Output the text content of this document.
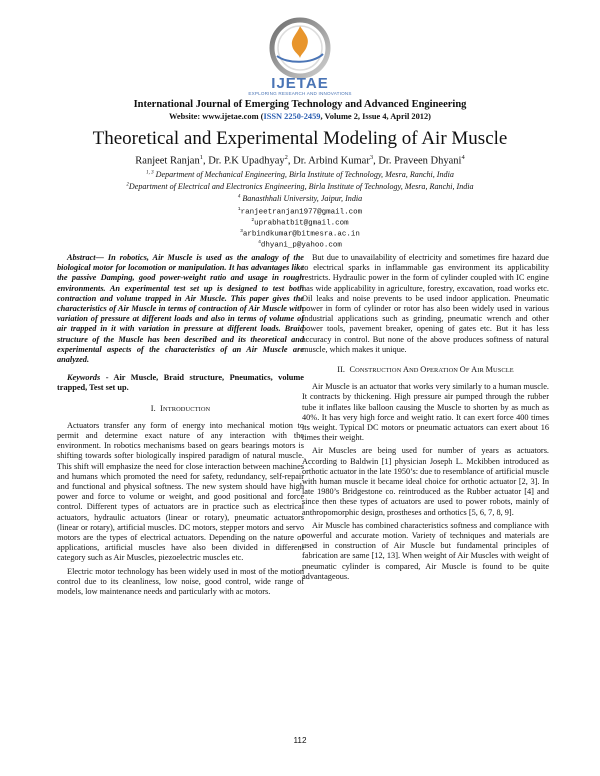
IJETAE
EXPLORING RESEARCH AND INNOVATIONS
International Journal of Emerging Technology and Advanced Engineering
Website: www.ijetae.com (ISSN 2250-2459, Volume 2, Issue 4, April 2012)
Theoretical and Experimental Modeling of Air Muscle
Ranjeet Ranjan$^1$, Dr. P.K Upadhyay$^2$, Dr. Arbind Kumar$^3$, Dr. Praveen Dhyani$^4$
$^{1, 3}$ Department of Mechanical Engineering, Birla Institute of Technology, Mesra, Ranchi, India
$^2$Department of Electrical and Electronics Engineering, Birla Institute of Technology, Mesra, Ranchi, India
$^4$ Banasthhali University, Jaipur, India
$^1$ranjeetranjan1977@gmail.com
$^2$uprabhatbit@gmail.com
$^3$arbindkumar@bitmesra.ac.in
$^4$dhyani_p@yahoo.com

Abstract— In robotics, Air Muscle is used as the analogy of the biological motor for locomotion or manipulation. It has advantages like the passive Damping, good power-weight ratio and usage in rough environments. An experimental test set up is designed to test both contraction and volume trapped in Air Muscle. This paper gives the characteristics of Air Muscle in terms of contraction of Air Muscle with variation of pressure at different loads and also in terms of volume of air trapped in it with variation in pressure at different loads. Braid structure of the Muscle has been described and its theoretical and experimental aspects of the characteristics of an Air Muscle are analyzed.

Keywords - Air Muscle, Braid structure, Pneumatics, volume trapped, Test set up.

I. INTRODUCTION

Actuators transfer any form of energy into mechanical motion to permit and determine exact nature of any interaction with the environment. In robotics mechanisms based on gears bearings motors is shifting towards softer biologically inspired paradigm of natural muscle. This shift will emphasize the need for close interaction between machines and humans which promoted the need for safety, redundancy, self-repair and functional and physical softness. The new system should have high power and force to volume or weight, and good positional and force control. Different types of actuators are in practice such as electrical actuators, hydraulic actuators (linear or rotary), pneumatic actuators (linear or rotary), artificial muscles. DC motors, stepper motors and servo motors are the types of electrical actuators. Depending on the nature of applications, artificial muscles have also been divided in different category such as Air Muscles, piezoelectric muscles etc.

Electric motor technology has been widely used in most of the motion control due to its cleanliness, low noise, good control, wide range of models, low maintenance needs and particularly with ac motors.

But due to unavailability of electricity and sometimes fire hazard due to electrical sparks in inflammable gas environment its applicability restricts. Hydraulic power in the form of cylinder coupled with IC engine has wide applicability in agriculture, forestry, excavation, road works etc. Oil leaks and noise prevents to be used indoor application. Pneumatic power in form of cylinder or rotor has also been widely used in various industrial applications such as grinding, pneumatic wrench and other power tools, pavement breaker, opening of gates etc. But it has less accuracy in control. But none of the above produces softness of natural muscle, which makes it unique.

II. CONSTRUCTION AND OPERATION OF AIR MUSCLE

Air Muscle is an actuator that works very similarly to a human muscle. It contracts by thickening. High pressure air pumped through the rubber tube it inflates like balloon causing the Muscle to shorten by as much as 40%. It has very high force and weight ratio. It can exert force 400 times its weight. Typical DC motors or pneumatic actuators can exert about 16 times their weight.

Air Muscles are being used for number of years as actuators. According to Baldwin [1] physician Joseph L. Mckibben introduced as orthotic actuator in the late 1950’s: due to resemblance of artificial muscle with human muscle it became ideal choice for orthotic actuator [2, 3]. In late 1980’s Bridgestone co. reintroduced as the Rubber actuator [4] and since then these types of actuators are used to power robots, mainly of anthropomorphic design, prostheses and orthotics [5, 6, 7, 8, 9].

Air Muscle has combined characteristics softness and compliance with powerful and accurate motion. Variety of techniques and materials are used in construction of Air Muscle but fundamental principles of fabrication are same [12, 13]. When weight of Air Muscles with weight of pneumatic cylinder is compared, Air Muscle is found to be quite advantageous.

112
